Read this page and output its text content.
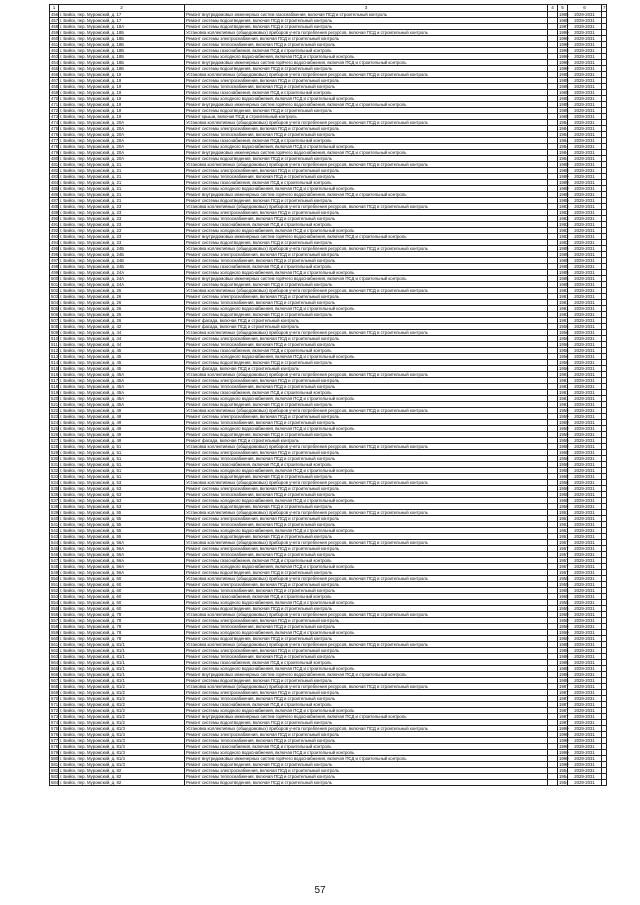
1	2	3	4	5	6	7
456	г. Бийск, пер. Муромский, д. 17	Ремонт внутридомовых инженерных систем газоснабжения, включая ПСД и строительный контроль		1985	2029-2031	
457	г. Бийск, пер. Муромский, д. 17	Ремонт системы водоотведения, включая ПСД и строительный контроль		1985	2029-2031	
458	г. Бийск, пер. Муромский, д. 18А	Ремонт системы водоотведения, включая ПСД и строительный контроль		1987	2029-2031	
459	г. Бийск, пер. Муромский, д. 18Б	Установка коллективных (общедомовых) приборов учета потребления ресурсов, включая ПСД и строительный контроль		1990	2029-2031	
460	г. Бийск, пер. Муромский, д. 18Б	Ремонт системы электроснабжения, включая ПСД и строительный контроль		1990	2029-2031	
461	г. Бийск, пер. Муромский, д. 18Б	Ремонт системы теплоснабжения, включая ПСД и строительный контроль		1990	2029-2031	
462	г. Бийск, пер. Муромский, д. 18Б	Ремонт системы газоснабжения, включая ПСД и строительный контроль		1990	2029-2031	
463	г. Бийск, пер. Муромский, д. 18Б	Ремонт системы холодного водоснабжения, включая ПСД и строительный контроль		1990	2029-2031	
464	г. Бийск, пер. Муромский, д. 18Б	Ремонт внутридомовых инженерных систем горячего водоснабжения, включая ПСД и строительный контроль		1990	2029-2031	
465	г. Бийск, пер. Муромский, д. 18Б	Ремонт системы водоотведения, включая ПСД и строительный контроль		1990	2029-2031	
466	г. Бийск, пер. Муромский, д. 19	Установка коллективных (общедомовых) приборов учета потребления ресурсов, включая ПСД и строительный контроль		1985	2029-2031	
467	г. Бийск, пер. Муромский, д. 19	Ремонт системы электроснабжения, включая ПСД и строительный контроль		1985	2029-2031	
468	г. Бийск, пер. Муромский, д. 19	Ремонт системы теплоснабжения, включая ПСД и строительный контроль		1985	2029-2031	
469	г. Бийск, пер. Муромский, д. 19	Ремонт системы газоснабжения, включая ПСД и строительный контроль		1985	2029-2031	
470	г. Бийск, пер. Муромский, д. 19	Ремонт системы холодного водоснабжения, включая ПСД и строительный контроль		1985	2029-2031	
471	г. Бийск, пер. Муромский, д. 19	Ремонт внутридомовых инженерных систем горячего водоснабжения, включая ПСД и строительный контроль		1985	2029-2031	
472	г. Бийск, пер. Муромский, д. 19	Ремонт системы водоотведения, включая ПСД и строительный контроль		1985	2029-2031	
473	г. Бийск, пер. Муромский, д. 19	Ремонт крыши, включая ПСД и строительный контроль		1985	2029-2031	
474	г. Бийск, пер. Муромский, д. 20А	Установка коллективных (общедомовых) приборов учета потребления ресурсов, включая ПСД и строительный контроль		1984	2029-2031	
475	г. Бийск, пер. Муромский, д. 20А	Ремонт системы электроснабжения, включая ПСД и строительный контроль		1984	2029-2031	
476	г. Бийск, пер. Муромский, д. 20А	Ремонт системы теплоснабжения, включая ПСД и строительный контроль		1984	2029-2031	
477	г. Бийск, пер. Муромский, д. 20А	Ремонт системы газоснабжения, включая ПСД и строительный контроль		1984	2029-2031	
478	г. Бийск, пер. Муромский, д. 20А	Ремонт системы холодного водоснабжения, включая ПСД и строительный контроль		1984	2029-2031	
479	г. Бийск, пер. Муромский, д. 20А	Ремонт внутридомовых инженерных систем горячего водоснабжения, включая ПСД и строительный контроль		1984	2029-2031	
480	г. Бийск, пер. Муромский, д. 20А	Ремонт системы водоотведения, включая ПСД и строительный контроль		1984	2029-2031	
481	г. Бийск, пер. Муромский, д. 21	Установка коллективных (общедомовых) приборов учета потребления ресурсов, включая ПСД и строительный контроль		1980	2029-2031	
482	г. Бийск, пер. Муромский, д. 21	Ремонт системы электроснабжения, включая ПСД и строительный контроль		1980	2029-2031	
483	г. Бийск, пер. Муромский, д. 21	Ремонт системы теплоснабжения, включая ПСД и строительный контроль		1980	2029-2031	
484	г. Бийск, пер. Муромский, д. 21	Ремонт системы газоснабжения, включая ПСД и строительный контроль		1980	2029-2031	
485	г. Бийск, пер. Муромский, д. 21	Ремонт системы холодного водоснабжения, включая ПСД и строительный контроль		1980	2029-2031	
486	г. Бийск, пер. Муромский, д. 21	Ремонт внутридомовых инженерных систем горячего водоснабжения, включая ПСД и строительный контроль		1980	2029-2031	
487	г. Бийск, пер. Муромский, д. 21	Ремонт системы водоотведения, включая ПСД и строительный контроль		1980	2029-2031	
488	г. Бийск, пер. Муромский, д. 23	Установка коллективных (общедомовых) приборов учета потребления ресурсов, включая ПСД и строительный контроль		1983	2029-2031	
489	г. Бийск, пер. Муромский, д. 23	Ремонт системы электроснабжения, включая ПСД и строительный контроль		1983	2029-2031	
490	г. Бийск, пер. Муромский, д. 23	Ремонт системы теплоснабжения, включая ПСД и строительный контроль		1983	2029-2031	
491	г. Бийск, пер. Муромский, д. 23	Ремонт системы газоснабжения, включая ПСД и строительный контроль		1983	2029-2031	
492	г. Бийск, пер. Муромский, д. 23	Ремонт системы холодного водоснабжения, включая ПСД и строительный контроль		1983	2029-2031	
493	г. Бийск, пер. Муромский, д. 23	Ремонт внутридомовых инженерных систем горячего водоснабжения, включая ПСД и строительный контроль		1983	2029-2031	
494	г. Бийск, пер. Муромский, д. 23	Ремонт системы водоотведения, включая ПСД и строительный контроль		1983	2029-2031	
495	г. Бийск, пер. Муромский, д. 24Б	Установка коллективных (общедомовых) приборов учета потребления ресурсов, включая ПСД и строительный контроль		1985	2029-2031	
496	г. Бийск, пер. Муромский, д. 24Б	Ремонт системы электроснабжения, включая ПСД и строительный контроль		1985	2029-2031	
497	г. Бийск, пер. Муромский, д. 24Б	Ремонт системы теплоснабжения, включая ПСД и строительный контроль		1985	2029-2031	
498	г. Бийск, пер. Муромский, д. 24Б	Ремонт системы газоснабжения, включая ПСД и строительный контроль		1985	2029-2031	
499	г. Бийск, пер. Муромский, д. 24А	Ремонт системы холодного водоснабжения, включая ПСД и строительный контроль		1985	2029-2031	
500	г. Бийск, пер. Муромский, д. 24А	Ремонт внутридомовых инженерных систем горячего водоснабжения, включая ПСД и строительный контроль		1985	2029-2031	
501	г. Бийск, пер. Муромский, д. 24А	Ремонт системы водоотведения, включая ПСД и строительный контроль		1985	2029-2031	
502	г. Бийск, пер. Муромский, д. 26	Установка коллективных (общедомовых) приборов учета потребления ресурсов, включая ПСД и строительный контроль		1981	2029-2031	
503	г. Бийск, пер. Муромский, д. 26	Ремонт системы электроснабжения, включая ПСД и строительный контроль		1981	2029-2031	
504	г. Бийск, пер. Муромский, д. 26	Ремонт системы теплоснабжения, включая ПСД и строительный контроль		1981	2029-2031	
505	г. Бийск, пер. Муромский, д. 26	Ремонт системы холодного водоснабжения, включая ПСД и строительный контроль		1981	2029-2031	
506	г. Бийск, пер. Муромский, д. 26	Ремонт системы водоотведения, включая ПСД и строительный контроль		1981	2029-2031	
507	г. Бийск, пер. Муромский, д. 26	Ремонт фасада, включая ПСД и строительный контроль		1981	2029-2031	
508	г. Бийск, пер. Муромский, д. 42	Ремонт фасада, включая ПСД и строительный контроль		1956	2029-2031	
509	г. Бийск, пер. Муромский, д. 44	Установка коллективных (общедомовых) приборов учета потребления ресурсов, включая ПСД и строительный контроль		1956	2029-2031	
510	г. Бийск, пер. Муромский, д. 44	Ремонт системы электроснабжения, включая ПСД и строительный контроль		1956	2029-2031	
511	г. Бийск, пер. Муромский, д. 44	Ремонт системы теплоснабжения, включая ПСД и строительный контроль		1956	2029-2031	
512	г. Бийск, пер. Муромский, д. 45	Ремонт системы газоснабжения, включая ПСД и строительный контроль		1956	2029-2031	
513	г. Бийск, пер. Муромский, д. 45	Ремонт системы холодного водоснабжения, включая ПСД и строительный контроль		1956	2029-2031	
514	г. Бийск, пер. Муромский, д. 45	Ремонт системы водоотведения, включая ПСД и строительный контроль		1956	2029-2031	
515	г. Бийск, пер. Муромский, д. 45	Ремонт фасада, включая ПСД и строительный контроль		1956	2029-2031	
516	г. Бийск, пер. Муромский, д. 45А	Установка коллективных (общедомовых) приборов учета потребления ресурсов, включая ПСД и строительный контроль		1981	2029-2031	
517	г. Бийск, пер. Муромский, д. 45А	Ремонт системы электроснабжения, включая ПСД и строительный контроль		1981	2029-2031	
518	г. Бийск, пер. Муромский, д. 45А	Ремонт системы теплоснабжения, включая ПСД и строительный контроль		1981	2029-2031	
519	г. Бийск, пер. Муромский, д. 45А	Ремонт системы газоснабжения, включая ПСД и строительный контроль		1981	2029-2031	
520	г. Бийск, пер. Муромский, д. 45А	Ремонт системы холодного водоснабжения, включая ПСД и строительный контроль		1981	2029-2031	
521	г. Бийск, пер. Муромский, д. 45А	Ремонт системы водоотведения, включая ПСД и строительный контроль		1981	2029-2031	
522	г. Бийск, пер. Муромский, д. 49	Установка коллективных (общедомовых) приборов учета потребления ресурсов, включая ПСД и строительный контроль		1959	2029-2031	
523	г. Бийск, пер. Муромский, д. 49	Ремонт системы электроснабжения, включая ПСД и строительный контроль		1959	2029-2031	
524	г. Бийск, пер. Муромский, д. 49	Ремонт системы теплоснабжения, включая ПСД и строительный контроль		1959	2029-2031	
525	г. Бийск, пер. Муромский, д. 49	Ремонт системы холодного водоснабжения, включая ПСД и строительный контроль		1959	2029-2031	
526	г. Бийск, пер. Муромский, д. 49	Ремонт системы водоотведения, включая ПСД и строительный контроль		1959	2029-2031	
527	г. Бийск, пер. Муромский, д. 49	Ремонт фасада, включая ПСД и строительный контроль		1959	2029-2031	
528	г. Бийск, пер. Муромский, д. 51	Установка коллективных (общедомовых) приборов учета потребления ресурсов, включая ПСД и строительный контроль		1958	2029-2031	
529	г. Бийск, пер. Муромский, д. 51	Ремонт системы электроснабжения, включая ПСД и строительный контроль		1958	2029-2031	
530	г. Бийск, пер. Муромский, д. 51	Ремонт системы теплоснабжения, включая ПСД и строительный контроль		1958	2029-2031	
531	г. Бийск, пер. Муромский, д. 51	Ремонт системы газоснабжения, включая ПСД и строительный контроль		1958	2029-2031	
532	г. Бийск, пер. Муромский, д. 51	Ремонт системы холодного водоснабжения, включая ПСД и строительный контроль		1958	2029-2031	
533	г. Бийск, пер. Муромский, д. 51	Ремонт системы водоотведения, включая ПСД и строительный контроль		1958	2029-2031	
534	г. Бийск, пер. Муромский, д. 53	Установка коллективных (общедомовых) приборов учета потребления ресурсов, включая ПСД и строительный контроль		1958	2029-2031	
535	г. Бийск, пер. Муромский, д. 53	Ремонт системы электроснабжения, включая ПСД и строительный контроль		1958	2029-2031	
536	г. Бийск, пер. Муромский, д. 53	Ремонт системы теплоснабжения, включая ПСД и строительный контроль		1958	2029-2031	
537	г. Бийск, пер. Муромский, д. 53	Ремонт системы холодного водоснабжения, включая ПСД и строительный контроль		1958	2029-2031	
538	г. Бийск, пер. Муромский, д. 53	Ремонт системы водоотведения, включая ПСД и строительный контроль		1958	2029-2031	
539	г. Бийск, пер. Муромский, д. 55	Установка коллективных (общедомовых) приборов учета потребления ресурсов, включая ПСД и строительный контроль		1951	2029-2031	
540	г. Бийск, пер. Муромский, д. 55	Ремонт системы электроснабжения, включая ПСД и строительный контроль		1951	2029-2031	
541	г. Бийск, пер. Муромский, д. 55	Ремонт системы теплоснабжения, включая ПСД и строительный контроль		1951	2029-2031	
542	г. Бийск, пер. Муромский, д. 55	Ремонт системы холодного водоснабжения, включая ПСД и строительный контроль		1951	2029-2031	
543	г. Бийск, пер. Муромский, д. 55	Ремонт системы водоотведения, включая ПСД и строительный контроль		1951	2029-2031	
544	г. Бийск, пер. Муромский, д. 56А	Установка коллективных (общедомовых) приборов учета потребления ресурсов, включая ПСД и строительный контроль		1957	2029-2031	
545	г. Бийск, пер. Муромский, д. 56А	Ремонт системы электроснабжения, включая ПСД и строительный контроль		1957	2029-2031	
546	г. Бийск, пер. Муромский, д. 56А	Ремонт системы теплоснабжения, включая ПСД и строительный контроль		1957	2029-2031	
547	г. Бийск, пер. Муромский, д. 56А	Ремонт системы газоснабжения, включая ПСД и строительный контроль		1957	2029-2031	
548	г. Бийск, пер. Муромский, д. 56А	Ремонт системы холодного водоснабжения, включая ПСД и строительный контроль		1957	2029-2031	
549	г. Бийск, пер. Муромский, д. 56А	Ремонт системы водоотведения, включая ПСД и строительный контроль		1957	2029-2031	
550	г. Бийск, пер. Муромский, д. 60	Установка коллективных (общедомовых) приборов учета потребления ресурсов, включая ПСД и строительный контроль		1955	2029-2031	
551	г. Бийск, пер. Муромский, д. 60	Ремонт системы электроснабжения, включая ПСД и строительный контроль		1955	2029-2031	
552	г. Бийск, пер. Муромский, д. 60	Ремонт системы теплоснабжения, включая ПСД и строительный контроль		1955	2029-2031	
553	г. Бийск, пер. Муромский, д. 60	Ремонт системы газоснабжения, включая ПСД и строительный контроль		1955	2029-2031	
554	г. Бийск, пер. Муромский, д. 60	Ремонт системы холодного водоснабжения, включая ПСД и строительный контроль		1955	2029-2031	
555	г. Бийск, пер. Муромский, д. 60	Ремонт системы водоотведения, включая ПСД и строительный контроль		1955	2029-2031	
556	г. Бийск, пер. Муромский, д. 78	Установка коллективных (общедомовых) приборов учета потребления ресурсов, включая ПСД и строительный контроль		1950	2029-2031	
557	г. Бийск, пер. Муромский, д. 78	Ремонт системы электроснабжения, включая ПСД и строительный контроль		1950	2029-2031	
558	г. Бийск, пер. Муромский, д. 78	Ремонт системы теплоснабжения, включая ПСД и строительный контроль		1950	2029-2031	
559	г. Бийск, пер. Муромский, д. 78	Ремонт системы холодного водоснабжения, включая ПСД и строительный контроль		1950	2029-2031	
560	г. Бийск, пер. Муромский, д. 78	Ремонт системы водоотведения, включая ПСД и строительный контроль		1950	2029-2031	
561	г. Бийск, пер. Муромский, д. 81/1	Установка коллективных (общедомовых) приборов учета потребления ресурсов, включая ПСД и строительный контроль		1986	2029-2031	
562	г. Бийск, пер. Муромский, д. 81/1	Ремонт системы электроснабжения, включая ПСД и строительный контроль		1986	2029-2031	
563	г. Бийск, пер. Муромский, д. 81/1	Ремонт системы теплоснабжения, включая ПСД и строительный контроль		1986	2029-2031	
564	г. Бийск, пер. Муромский, д. 81/1	Ремонт системы газоснабжения, включая ПСД и строительный контроль		1986	2029-2031	
565	г. Бийск, пер. Муромский, д. 81/1	Ремонт системы холодного водоснабжения, включая ПСД и строительный контроль		1986	2029-2031	
566	г. Бийск, пер. Муромский, д. 81/1	Ремонт внутридомовых инженерных систем горячего водоснабжения, включая ПСД и строительный контроль		1986	2029-2031	
567	г. Бийск, пер. Муромский, д. 81/1	Ремонт системы водоотведения, включая ПСД и строительный контроль		1986	2029-2031	
568	г. Бийск, пер. Муромский, д. 81/2	Установка коллективных (общедомовых) приборов учета потребления ресурсов, включая ПСД и строительный контроль		1987	2029-2031	
569	г. Бийск, пер. Муромский, д. 81/2	Ремонт системы электроснабжения, включая ПСД и строительный контроль		1987	2029-2031	
570	г. Бийск, пер. Муромский, д. 81/2	Ремонт системы теплоснабжения, включая ПСД и строительный контроль		1987	2029-2031	
571	г. Бийск, пер. Муромский, д. 81/2	Ремонт системы газоснабжения, включая ПСД и строительный контроль		1987	2029-2031	
572	г. Бийск, пер. Муромский, д. 81/2	Ремонт системы холодного водоснабжения, включая ПСД и строительный контроль		1987	2029-2031	
573	г. Бийск, пер. Муромский, д. 81/2	Ремонт внутридомовых инженерных систем горячего водоснабжения, включая ПСД и строительный контроль		1987	2029-2031	
574	г. Бийск, пер. Муромский, д. 81/2	Ремонт системы водоотведения, включая ПСД и строительный контроль		1987	2029-2031	
575	г. Бийск, пер. Муромский, д. 81/3	Установка коллективных (общедомовых) приборов учета потребления ресурсов, включая ПСД и строительный контроль		1990	2029-2031	
576	г. Бийск, пер. Муромский, д. 81/3	Ремонт системы электроснабжения, включая ПСД и строительный контроль		1990	2029-2031	
577	г. Бийск, пер. Муромский, д. 81/3	Ремонт системы теплоснабжения, включая ПСД и строительный контроль		1990	2029-2031	
578	г. Бийск, пер. Муромский, д. 81/3	Ремонт системы газоснабжения, включая ПСД и строительный контроль		1990	2029-2031	
579	г. Бийск, пер. Муромский, д. 81/3	Ремонт системы холодного водоснабжения, включая ПСД и строительный контроль		1990	2029-2031	
580	г. Бийск, пер. Муромский, д. 81/3	Ремонт внутридомовых инженерных систем горячего водоснабжения, включая ПСД и строительный контроль		1990	2029-2031	
581	г. Бийск, пер. Муромский, д. 81/3	Ремонт системы водоотведения, включая ПСД и строительный контроль		1990	2029-2031	
582	г. Бийск, пер. Муромский, д. 82	Ремонт системы электроснабжения, включая ПСД и строительный контроль		1954	2029-2031	
583	г. Бийск, пер. Муромский, д. 82	Ремонт системы теплоснабжения, включая ПСД и строительный контроль		1954	2029-2031	
584	г. Бийск, пер. Муромский, д. 82	Ремонт системы водоотведения, включая ПСД и строительный контроль		1954	2029-2031	
57
